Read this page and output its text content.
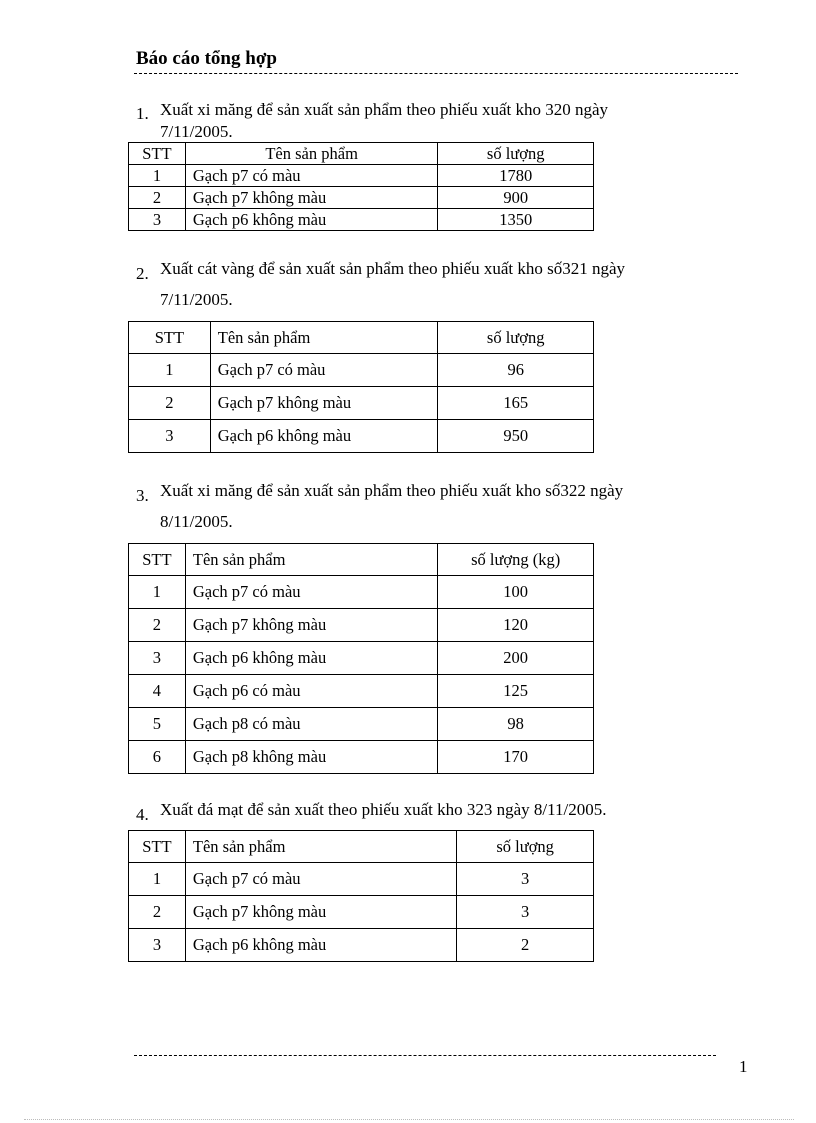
Báo cáo tổng hợp
1. Xuất xi măng để sản xuất sản phẩm theo phiếu xuất kho 320 ngày
7/11/2005.
STT	Tên sản phẩm	số lượng
1	Gạch p7 có màu	1780
2	Gạch p7 không màu	900
3	Gạch p6 không màu	1350
2. Xuất cát vàng để sản xuất sản phẩm theo phiếu xuất kho số321 ngày
7/11/2005.
STT	Tên sản phẩm	số lượng
1	Gạch p7 có màu	96
2	Gạch p7 không màu	165
3	Gạch p6 không màu	950
3. Xuất xi măng để sản xuất sản phẩm theo phiếu xuất kho số322 ngày
8/11/2005.
STT	Tên sản phẩm	số lượng (kg)
1	Gạch p7 có màu	100
2	Gạch p7 không màu	120
3	Gạch p6 không màu	200
4	Gạch p6 có màu	125
5	Gạch p8 có màu	98
6	Gạch p8 không màu	170
4. Xuất đá mạt để sản xuất theo phiếu xuất kho 323 ngày 8/11/2005.
STT	Tên sản phẩm	số lượng
1	Gạch p7 có màu	3
2	Gạch p7 không màu	3
3	Gạch p6 không màu	2
1
